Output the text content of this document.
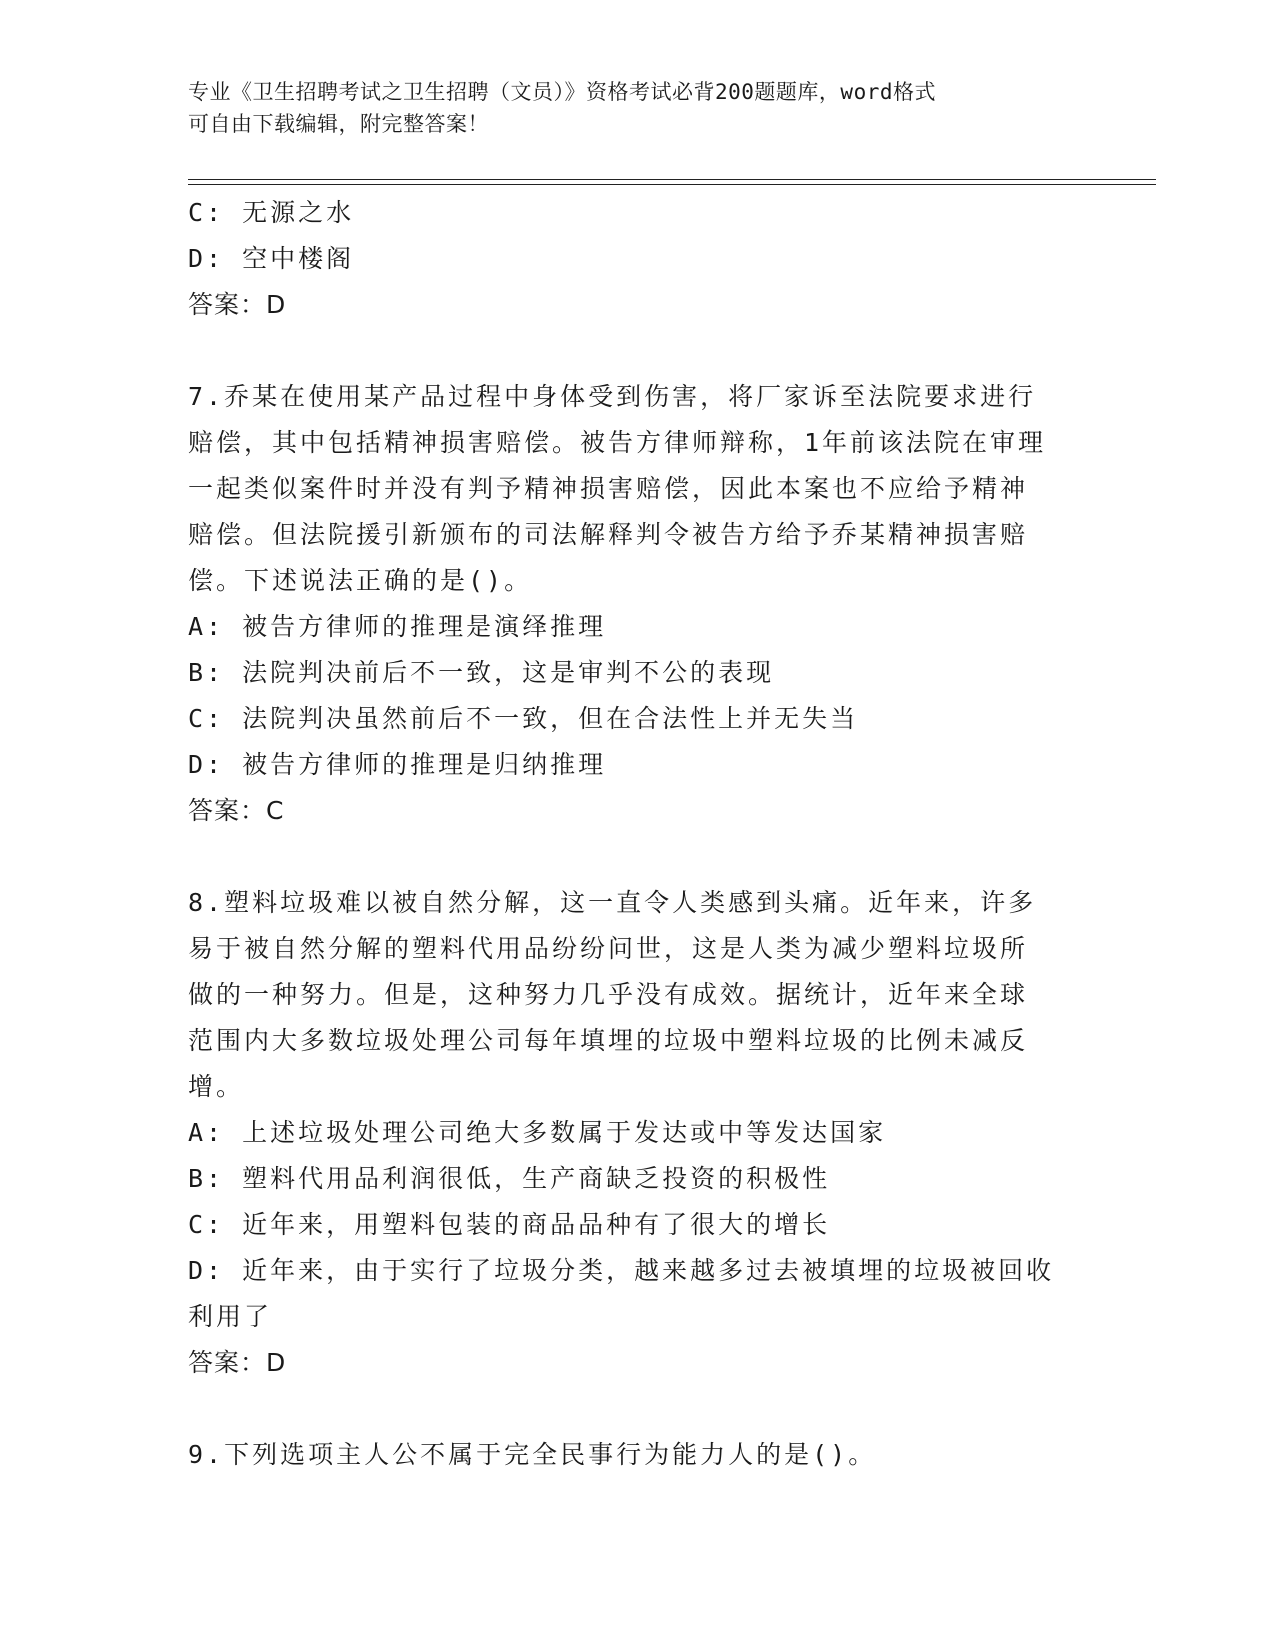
专业《卫生招聘考试之卫生招聘（文员）》资格考试必背200题题库，word格式
可自由下载编辑，附完整答案！
C: 无源之水
D: 空中楼阁
答案：D
7.乔某在使用某产品过程中身体受到伤害，将厂家诉至法院要求进行
赔偿，其中包括精神损害赔偿。被告方律师辩称，1年前该法院在审理
一起类似案件时并没有判予精神损害赔偿，因此本案也不应给予精神
赔偿。但法院援引新颁布的司法解释判令被告方给予乔某精神损害赔
偿。下述说法正确的是()。
A: 被告方律师的推理是演绎推理
B: 法院判决前后不一致，这是审判不公的表现
C: 法院判决虽然前后不一致，但在合法性上并无失当
D: 被告方律师的推理是归纳推理
答案：C
8.塑料垃圾难以被自然分解，这一直令人类感到头痛。近年来，许多
易于被自然分解的塑料代用品纷纷问世，这是人类为减少塑料垃圾所
做的一种努力。但是，这种努力几乎没有成效。据统计，近年来全球
范围内大多数垃圾处理公司每年填埋的垃圾中塑料垃圾的比例未减反
增。
A: 上述垃圾处理公司绝大多数属于发达或中等发达国家
B: 塑料代用品利润很低，生产商缺乏投资的积极性
C: 近年来，用塑料包装的商品品种有了很大的增长
D: 近年来，由于实行了垃圾分类，越来越多过去被填埋的垃圾被回收
利用了
答案：D
9.下列选项主人公不属于完全民事行为能力人的是()。
